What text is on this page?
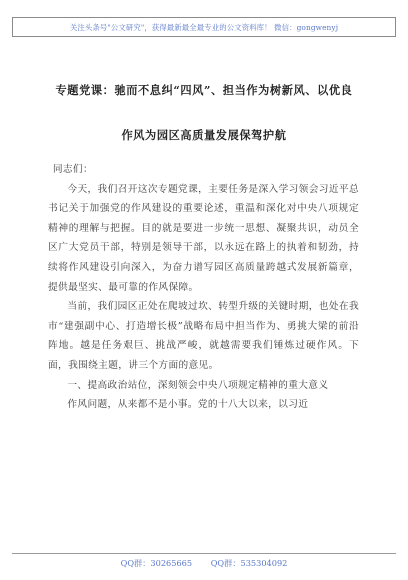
关注头条号"公文研究"，获得最新最全最专业的公文资料库！ 微信：gongwenyj
专题党课：驰而不息纠“四风”、担当作为树新风、以优良
作风为园区高质量发展保驾护航

同志们：

今天，我们召开这次专题党课，主要任务是深入学习领会习近平总书记关于加强党的作风建设的重要论述，重温和深化对中央八项规定精神的理解与把握。目的就是要进一步统一思想、凝聚共识，动员全区广大党员干部，特别是领导干部，以永远在路上的执着和韧劲，持续将作风建设引向深入，为奋力谱写园区高质量跨越式发展新篇章，提供最坚实、最可靠的作风保障。

当前，我们园区正处在爬坡过坎、转型升级的关键时期，也处在我市“建强副中心、打造增长极”战略布局中担当作为、勇挑大梁的前沿阵地。越是任务艰巨、挑战严峻，就越需要我们锤炼过硬作风。下面，我围绕主题，讲三个方面的意见。

一、提高政治站位，深刻领会中央八项规定精神的重大意义

作风问题，从来都不是小事。党的十八大以来，以习近

QQ群：30265665 QQ群：535304092
